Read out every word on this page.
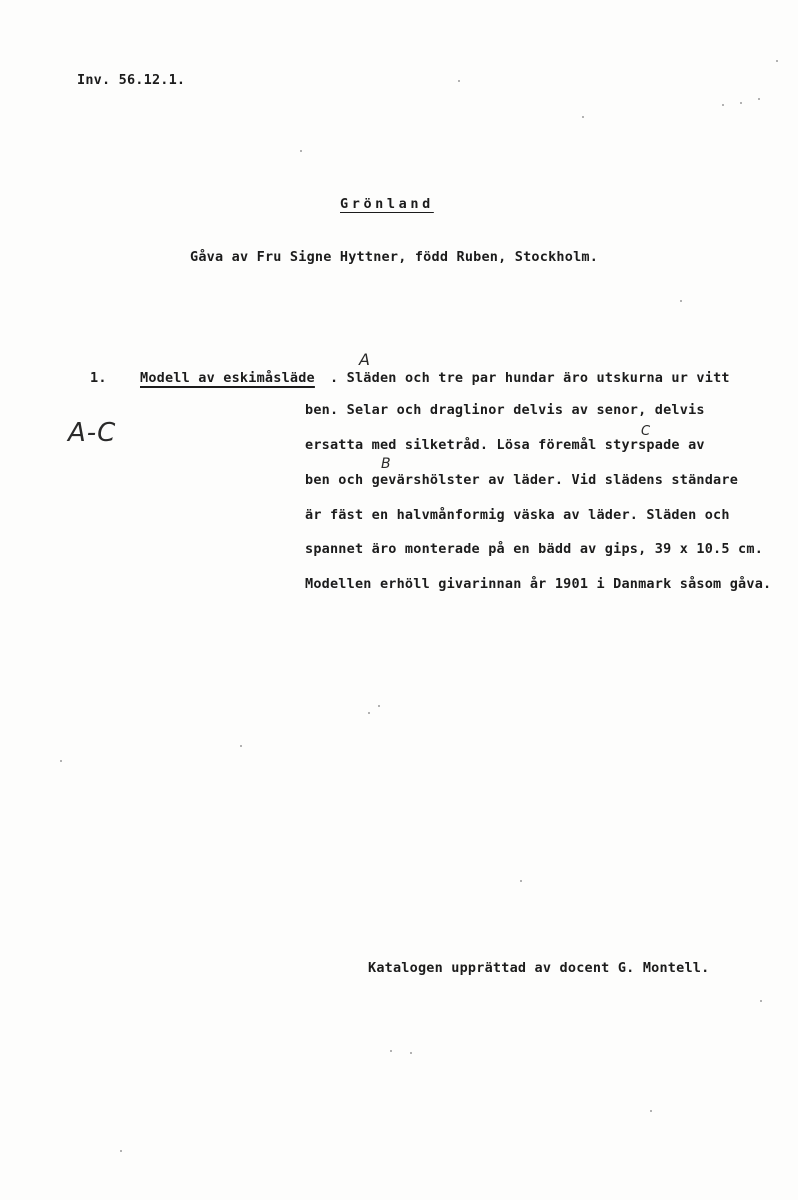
Inv. 56.12.1.
Grönland
Gåva av Fru Signe Hyttner, född Ruben, Stockholm.
1. Modell av eskimåsläde . Släden och tre par hundar äro utskurna ur vitt
ben. Selar och draglinor delvis av senor, delvis
ersatta med silketråd. Lösa föremål styrspade av
ben och gevärshölster av läder. Vid slädens ständare
är fäst en halvmånformig väska av läder. Släden och
spannet äro monterade på en bädd av gips, 39 x 10.5 cm.
Modellen erhöll givarinnan år 1901 i Danmark såsom gåva.
A-C
A
B
C
Katalogen upprättad av docent G. Montell.
